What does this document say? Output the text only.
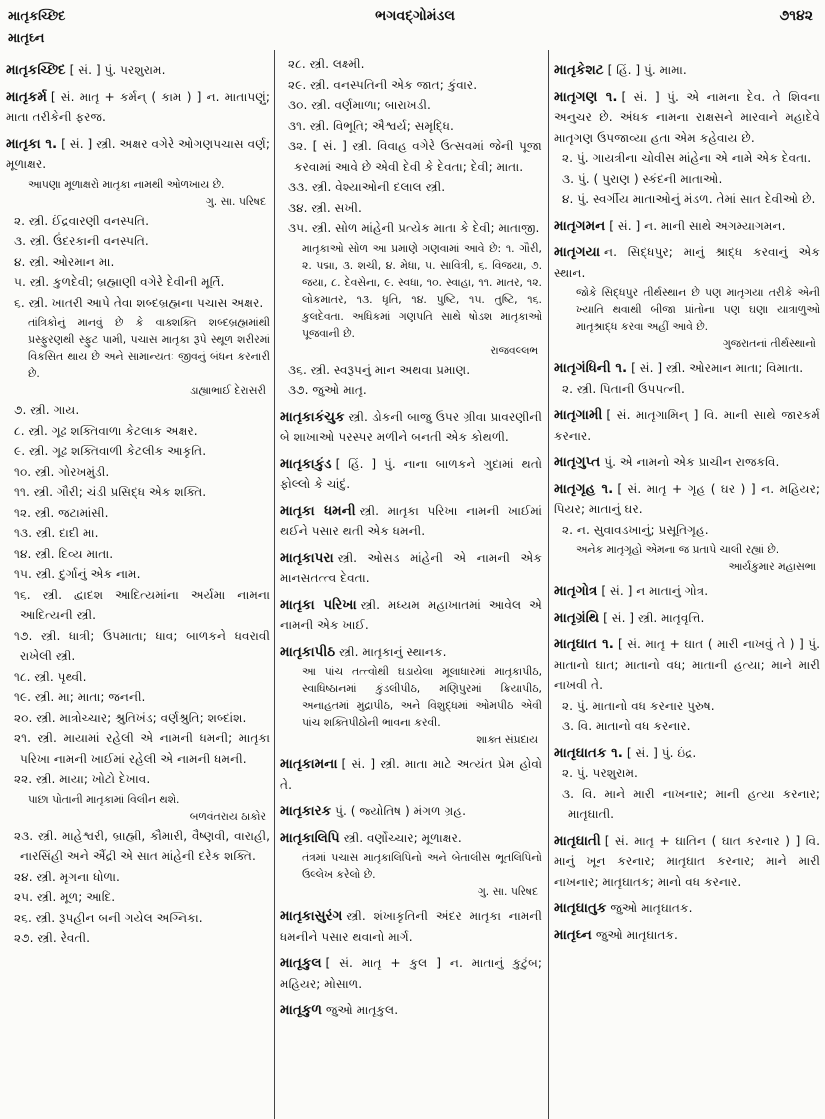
માતૃકચ્છિદ
માતૃઘ્ન
ભગવદ્ગોમંડલ	૭૧૪૨
માતૃકચ્છિદ [ સં. ] પું. પરશુરામ.
માતૃકર્મ [ સં. માતૃ + કર્મન્ ( કામ ) ] ન. માતાપણું; માતા તરીકેની ફરજ.
માતૃકા ૧. [ સં. ] સ્ત્રી. અક્ષર વગેરે ઓગણપચાસ વર્ણ; મૂળાક્ષર.
આપણા મૂળાક્ષરો માતૃકા નામથી ઓળખાય છે.
ગુ. સા. પરિષદ
૨. સ્ત્રી. ઈંદ્રવારણી વનસ્પતિ.
૩. સ્ત્રી. ઉંદરકાની વનસ્પતિ.
૪. સ્ત્રી. ઓરમાન મા.
૫. સ્ત્રી. કુળદેવી; બ્રહ્માણી વગેરે દેવીની મૂર્તિ.
૬. સ્ત્રી. ખાતરી આપે તેવા શબ્દબ્રહ્મના પચાસ અક્ષર.
તાંત્રિકોનું માનવું છે કે વાક્શક્તિ શબ્દબ્રહ્મમાંથી પ્રસ્ફુરણથી સ્ફુટ પામી, પચાસ માતૃકા રૂપે સ્થૂળ શરીરમાં વિકસિત થાય છે અને સામાન્યતઃ જીવનું બંધન કરનારી છે.
ડાહ્યાભાઈ દેરાસરી
૭. સ્ત્રી. ગાય.
૮. સ્ત્રી. ગૂઢ શક્તિવાળા કેટલાક અક્ષર.
૯. સ્ત્રી. ગૂઢ શક્તિવાળી કેટલીક આકૃતિ.
૧૦. સ્ત્રી. ગોરખમુંડી.
૧૧. સ્ત્રી. ગૌરી; ચંડી પ્રસિદ્ધ એક શક્તિ.
૧૨. સ્ત્રી. જટામાંસી.
૧૩. સ્ત્રી. દાદી મા.
૧૪. સ્ત્રી. દિવ્ય માતા.
૧૫. સ્ત્રી. દુર્ગાનું એક નામ.
૧૬. સ્ત્રી. દ્વાદશ આદિત્યમાંના અર્યમા નામના આદિત્યની સ્ત્રી.
૧૭. સ્ત્રી. ધાત્રી; ઉપમાતા; ધાવ; બાળકને ધવરાવી રાખેલી સ્ત્રી.
૧૮. સ્ત્રી. પૃથ્વી.
૧૯. સ્ત્રી. મા; માતા; જનની.
૨૦. સ્ત્રી. માત્રોચ્ચાર; શ્રુતિખંડ; વર્ણશ્રુતિ; શબ્દાંશ.
૨૧. સ્ત્રી. માયામાં રહેલી એ નામની ધમની; માતૃકા પરિખા નામની ખાઈમાં રહેલી એ નામની ધમની.
૨૨. સ્ત્રી. માયા; ખોટો દેખાવ.
પાછા પોતાની માતૃકામાં વિલીન થશે.
બળવંતરાય ઠાકોર
૨૩. સ્ત્રી. માહેશ્વરી, બ્રાહ્મી, કૌમારી, વૈષ્ણવી, વારાહી, નારસિંહી અને ઐંદ્રી એ સાત માંહેની દરેક શક્તિ.
૨૪. સ્ત્રી. મૃગના ધોળા.
૨૫. સ્ત્રી. મૂળ; આદિ.
૨૬. સ્ત્રી. રૂપહીન બની ગયેલ અગ્નિકા.
૨૭. સ્ત્રી. રેવતી.
૨૮. સ્ત્રી. લક્ષ્મી.
૨૯. સ્ત્રી. વનસ્પતિની એક જાત; કુંવાર.
૩૦. સ્ત્રી. વર્ણમાળા; બારાખડી.
૩૧. સ્ત્રી. વિભૂતિ; ઐશ્વર્ય; સમૃદ્ધિ.
૩૨. [ સં. ] સ્ત્રી. વિવાહ વગેરે ઉત્સવમાં જેની પૂજા કરવામાં આવે છે એવી દેવી કે દેવતા; દેવી; માતા.
૩૩. સ્ત્રી. વેશ્યાઓની દલાલ સ્ત્રી.
૩૪. સ્ત્રી. સખી.
૩૫. સ્ત્રી. સોળ માંહેની પ્રત્યેક માતા કે દેવી; માતાજી.
માતૃકાઓ સોળ આ પ્રમાણે ગણવામાં આવે છે: ૧. ગૌરી, ૨. પદ્મા, ૩. શચી, ૪. મેધા, ૫. સાવિત્રી, ૬. વિજયા, ૭. જયા, ૮. દેવસેના, ૯. સ્વધા, ૧૦. સ્વાહા, ૧૧. માતર, ૧૨. લોકમાતર, ૧૩. ધૃતિ, ૧૪. પુષ્ટિ, ૧૫. તુષ્ટિ, ૧૬. કુલદેવતા. અધિકમાં ગણપતિ સાથે ષોડશ માતૃકાઓ પૂજવાની છે.
રાજવલ્લભ
૩૬. સ્ત્રી. સ્વરૂપનું માન અથવા પ્રમાણ.
૩૭. જુઓ માતૃ.
માતૃકાકંચુક સ્ત્રી. ડોકની બાજુ ઉપર ગ્રીવા પ્રાવરણીની બે શાખાઓ પરસ્પર મળીને બનતી એક કોથળી.
માતૃકાકુંડ [ હિં. ] પું. નાના બાળકને ગુદામાં થતો ફોલ્લો કે ચાંદું.
માતૃકા ધમની સ્ત્રી. માતૃકા પરિખા નામની ખાઈમાં થઈને પસાર થતી એક ધમની.
માતૃકાપરા સ્ત્રી. ઓસડ માંહેની એ નામની એક માનસતત્ત્વ દેવતા.
માતૃકા પરિખા સ્ત્રી. મધ્યમ મહાખાતમાં આવેલ એ નામની એક ખાઈ.
માતૃકાપીઠ સ્ત્રી. માતૃકાનું સ્થાનક.
આ પાંચ તત્ત્વોથી ઘડાયેલા મૂલાધારમાં માતૃકાપીઠ, સ્વાધિષ્ઠાનમાં કુંડલીપીઠ, મણિપુરમાં ક્રિયાપીઠ, અનાહતમાં મુદ્રાપીઠ, અને વિશુદ્ધમાં ઓમપીઠ એવી પાંચ શક્તિપીઠોની ભાવના કરવી.
શાક્ત સંપ્રદાય
માતૃકામના [ સં. ] સ્ત્રી. માતા માટે અત્યંત પ્રેમ હોવો તે.
માતૃકારક પું. ( જ્યોતિષ ) મંગળ ગ્રહ.
માતૃકાલિપિ સ્ત્રી. વર્ણોચ્ચાર; મૂળાક્ષર.
તંત્રમાં પચાસ માતૃકાલિપિનો અને બેતાલીસ ભૂતલિપિનો ઉલ્લેખ કરેલો છે.
ગુ. સા. પરિષદ
માતૃકાસુરંગ સ્ત્રી. શંખાકૃતિની અંદર માતૃકા નામની ધમનીને પસાર થવાનો માર્ગ.
માતૃકુલ [ સં. માતૃ + કુલ ] ન. માતાનું કુટુંબ; મહિયર; મોસાળ.
માતૃકુળ જુઓ માતૃકુલ.
માતૃકેશટ [ હિં. ] પું. મામા.
માતૃગણ ૧. [ સં. ] પું. એ નામના દેવ. તે શિવના અનુચર છે. અંધક નામના રાક્ષસને મારવાને મહાદેવે માતૃગણ ઉપજાવ્યા હતા એમ કહેવાય છે.
૨. પું. ગાયત્રીના ચોવીસ માંહેના એ નામે એક દેવતા.
૩. પું. ( પુરાણ ) સ્કંદની માતાઓ.
૪. પું. સ્વર્ગીય માતાઓનું મંડળ. તેમાં સાત દેવીઓ છે.
માતૃગમન [ સં. ] ન. માની સાથે અગમ્યાગમન.
માતૃગયા ન. સિદ્ધપુર; માનું શ્રાદ્ધ કરવાનું એક સ્થાન.
જોકે સિદ્ધપુર તીર્થસ્થાન છે પણ માતૃગયા તરીકે એની ખ્યાતિ થવાથી બીજા પ્રાંતોના પણ ઘણા યાત્રાળુઓ માતૃશ્રાદ્ધ કરવા અહીં આવે છે.
ગુજરાતનાં તીર્થસ્થાનો
માતૃગંધિની ૧. [ સં. ] સ્ત્રી. ઓરમાન માતા; વિમાતા.
૨. સ્ત્રી. પિતાની ઉપપત્ની.
માતૃગામી [ સં. માતૃગામિન્ ] વિ. માની સાથે જારકર્મ કરનાર.
માતૃગુપ્ત પું. એ નામનો એક પ્રાચીન રાજકવિ.
માતૃગૃહ ૧. [ સં. માતૃ + ગૃહ ( ઘર ) ] ન. મહિયર; પિયર; માતાનું ઘર.
૨. ન. સુવાવડખાનું; પ્રસૂતિગૃહ.
અનેક માતૃગૃહો એમના જ પ્રતાપે ચાલી રહ્યાં છે.
આર્યકુમાર મહાસભા
માતૃગોત્ર [ સં. ] ન માતાનું ગોત્ર.
માતૃગ્રંથિ [ સં. ] સ્ત્રી. માતૃવૃત્તિ.
માતૃઘાત ૧. [ સં. માતૃ + ઘાત ( મારી નાખવું તે ) ] પું. માતાનો ઘાત; માતાનો વધ; માતાની હત્યા; માને મારી નાખવી તે.
૨. પું. માતાનો વધ કરનાર પુરુષ.
૩. વિ. માતાનો વધ કરનાર.
માતૃઘાતક ૧. [ સં. ] પું. ઇંદ્ર.
૨. પું. પરશુરામ.
૩. વિ. માને મારી નાખનાર; માની હત્યા કરનાર; માતૃઘાતી.
માતૃઘાતી [ સં. માતૃ + ઘાતિન ( ઘાત કરનાર ) ] વિ. માનું ખૂન કરનાર; માતૃઘાત કરનાર; માને મારી નાખનાર; માતૃઘાતક; માનો વધ કરનાર.
માતૃઘાતુક જુઓ માતૃઘાતક.
માતૃઘ્ન જુઓ માતૃઘાતક.
